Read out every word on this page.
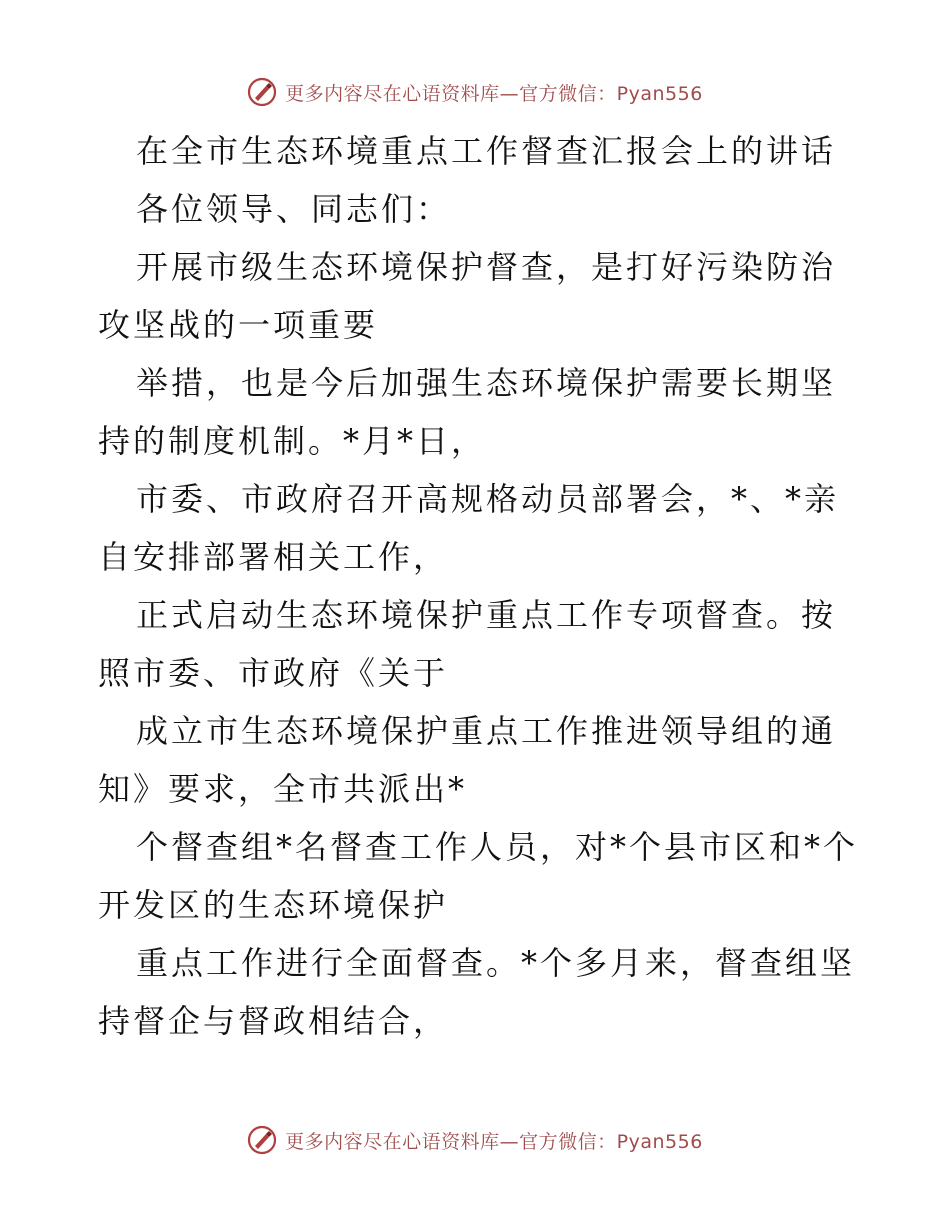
更多内容尽在心语资料库—官方微信：Pyan556

在全市生态环境重点工作督查汇报会上的讲话

各位领导、同志们：

开展市级生态环境保护督查，是打好污染防治攻坚战的一项重要

举措，也是今后加强生态环境保护需要长期坚持的制度机制。*月*日，

市委、市政府召开高规格动员部署会，*、*亲自安排部署相关工作，

正式启动生态环境保护重点工作专项督查。按照市委、市政府《关于

成立市生态环境保护重点工作推进领导组的通知》要求，全市共派出*

个督查组*名督查工作人员，对*个县市区和*个开发区的生态环境保护

重点工作进行全面督查。*个多月来，督查组坚持督企与督政相结合，

更多内容尽在心语资料库—官方微信：Pyan556
